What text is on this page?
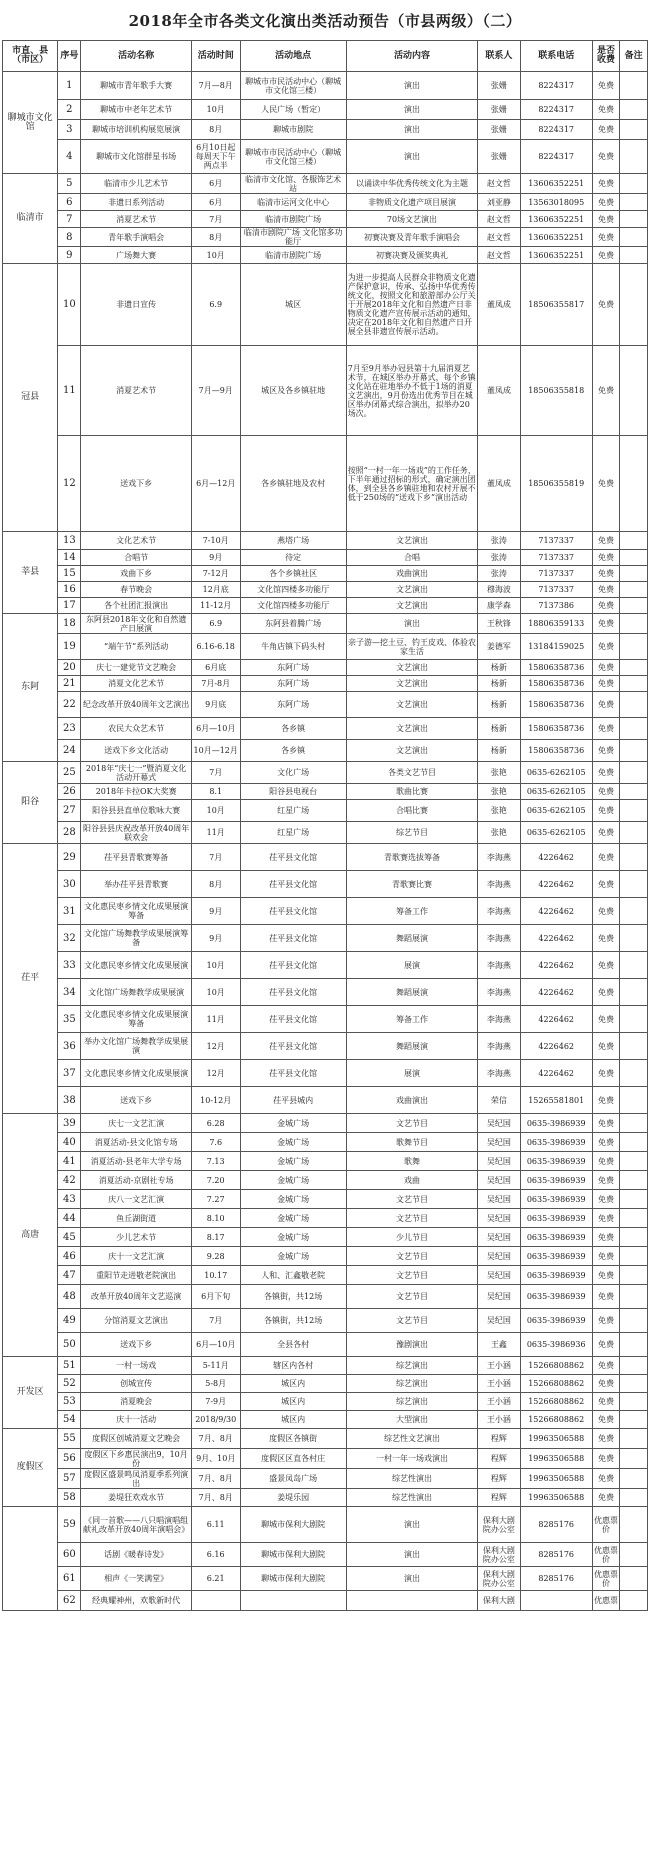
2018年全市各类文化演出类活动预告（市县两级）（二）
市直、县（市区）	序号	活动名称	活动时间	活动地点	活动内容	联系人	联系电话	是否收费	备注
聊城市文化馆	1	聊城市青年歌手大赛	7月—8月	聊城市市民活动中心（聊城市文化馆三楼）	演出	张姗	8224317	免费	
	2	聊城市中老年艺术节	10月	人民广场（暂定）	演出	张姗	8224317	免费	
	3	聊城市培训机构展览展演	8月	聊城市剧院	演出	张姗	8224317	免费	
	4	聊城市文化馆群星书场	6月10日起每周天下午两点半	聊城市市民活动中心（聊城市文化馆三楼）	演出	张姗	8224317	免费	
临清市	5	临清市少儿艺术节	6月	临清市文化馆、各服饰艺术站	以诵读中华优秀传统文化为主题	赵文哲	13606352251	免费	
	6	非遗日系列活动	6月	临清市运河文化中心	非物质文化遗产项目展演	刘亚静	13563018095	免费	
	7	消夏艺术节	7月	临清市剧院广场	70场文艺演出	赵文哲	13606352251	免费	
	8	青年歌手演唱会	8月	临清市剧院广场 文化馆多功能厅	初赛决赛及青年歌手演唱会	赵文哲	13606352251	免费	
	9	广场舞大赛	10月	临清市剧院广场	初赛决赛及颁奖典礼	赵文哲	13606352251	免费	
冠县	10	非遗日宣传	6.9	城区	为进一步提高人民群众非物质文化遗产保护意识，传承、弘扬中华优秀传统文化，按照文化和旅游部办公厅关于开展2018年文化和自然遗产日非物质文化遗产宣传展示活动的通知，决定在2018年文化和自然遗产日开展全县非遗宣传展示活动。	董凤成	18506355817	免费	
	11	消夏艺术节	7月—9月	城区及各乡镇驻地	7月至9月举办冠县第十九届消夏艺术节，在城区举办开幕式，每个乡镇文化站在驻地举办不低于1场的消夏文艺演出，9月份选出优秀节目在城区举办闭幕式综合演出，拟举办20场次。	董凤成	18506355818	免费	
	12	送戏下乡	6月—12月	各乡镇驻地及农村	按照“一村一年一场戏”的工作任务，下半年通过招标的形式，确定演出团体，到全县各乡镇驻地和农村开展不低于250场的“送戏下乡”演出活动	董凤成	18506355819	免费	
莘县	13	文化艺术节	7-10月	燕塔广场	文艺演出	张涛	7137337	免费	
	14	合唱节	9月	待定	合唱	张涛	7137337	免费	
	15	戏曲下乡	7-12月	各个乡镇社区	戏曲演出	张涛	7137337	免费	
	16	春节晚会	12月底	文化馆四楼多功能厅	文艺演出	穆海波	7137337	免费	
	17	各个社团汇报演出	11-12月	文化馆四楼多功能厅	文艺演出	康学森	7137386	免费	
东阿	18	东阿县2018年文化和自然遗产日展演	6.9	东阿县着腾广场	演出	王秋锋	18806359133	免费	
	19	“端午节”系列活动	6.16-6.18	牛角店镇下码头村	亲子游—挖土豆、钓王皮戏、体验农家生活	姜德军	13184159025	免费	
	20	庆七一建党节文艺晚会	6月底	东阿广场	文艺演出	杨新	15806358736	免费	
	21	消夏文化艺术节	7月-8月	东阿广场	文艺演出	杨新	15806358736	免费	
	22	纪念改革开放40周年文艺演出	9月底	东阿广场	文艺演出	杨新	15806358736	免费	
	23	农民大众艺术节	6月—10月	各乡镇	文艺演出	杨新	15806358736	免费	
	24	送戏下乡文化活动	10月—12月	各乡镇	文艺演出	杨新	15806358736	免费	
阳谷	25	2018年“庆七一”暨消夏文化活动开幕式	7月	文化广场	各类文艺节目	张艳	0635-6262105	免费	
	26	2018年卡拉OK大奖赛	8.1	阳谷县电视台	歌曲比赛	张艳	0635-6262105	免费	
	27	阳谷县县直单位歌咏大赛	10月	红星广场	合唱比赛	张艳	0635-6262105	免费	
	28	阳谷县县庆祝改革开放40周年联欢会	11月	红星广场	综艺节目	张艳	0635-6262105	免费	
茌平	29	茌平县青歌赛筹备	7月	茌平县文化馆	青歌赛选拔筹备	李海燕	4226462	免费	
	30	举办茌平县青歌赛	8月	茌平县文化馆	青歌赛比赛	李海燕	4226462	免费	
	31	文化惠民枣乡情文化成果展演筹备	9月	茌平县文化馆	筹备工作	李海燕	4226462	免费	
	32	文化馆广场舞教学成果展演筹备	9月	茌平县文化馆	舞蹈展演	李海燕	4226462	免费	
	33	文化惠民枣乡情文化成果展演	10月	茌平县文化馆	展演	李海燕	4226462	免费	
	34	文化馆广场舞教学成果展演	10月	茌平县文化馆	舞蹈展演	李海燕	4226462	免费	
	35	文化惠民枣乡情文化成果展演筹备	11月	茌平县文化馆	筹备工作	李海燕	4226462	免费	
	36	举办文化馆广场舞教学成果展演	12月	茌平县文化馆	舞蹈展演	李海燕	4226462	免费	
	37	文化惠民枣乡情文化成果展演	12月	茌平县文化馆	展演	李海燕	4226462	免费	
	38	送戏下乡	10-12月	茌平县城内	戏曲演出	荣信	15265581801	免费	
高唐	39	庆七一文艺汇演	6.28	金城广场	文艺节目	吴纪国	0635-3986939	免费	
	40	消夏活动-县文化馆专场	7.6	金城广场	歌舞节目	吴纪国	0635-3986939	免费	
	41	消夏活动-县老年大学专场	7.13	金城广场	歌舞	吴纪国	0635-3986939	免费	
	42	消夏活动-京剧社专场	7.20	金城广场	戏曲	吴纪国	0635-3986939	免费	
	43	庆八一文艺汇演	7.27	金城广场	文艺节目	吴纪国	0635-3986939	免费	
	44	鱼丘湖街道	8.10	金城广场	文艺节目	吴纪国	0635-3986939	免费	
	45	少儿艺术节	8.17	金城广场	少儿节目	吴纪国	0635-3986939	免费	
	46	庆十一文艺汇演	9.28	金城广场	文艺节目	吴纪国	0635-3986939	免费	
	47	重阳节走进敬老院演出	10.17	人和、汇鑫敬老院	文艺节目	吴纪国	0635-3986939	免费	
	48	改革开放40周年文艺巡演	6月下旬	各镇街，共12场	文艺节目	吴纪国	0635-3986939	免费	
	49	分馆消夏文艺演出	7月	各镇街，共12场	文艺节目	吴纪国	0635-3986939	免费	
	50	送戏下乡	6月—10月	全县各村	豫剧演出	王鑫	0635-3986936	免费	
开发区	51	一村一场戏	5-11月	辖区内各村	综艺演出	王小涵	15266808862	免费	
	52	创城宣传	5-8月	城区内	综艺演出	王小涵	15266808862	免费	
	53	消夏晚会	7-9月	城区内	综艺演出	王小涵	15266808862	免费	
	54	庆十一活动	2018/9/30	城区内	大型演出	王小涵	15266808862	免费	
度假区	55	度假区创城消夏文艺晚会	7月、8月	度假区各镇街	综艺性文艺演出	程辉	19963506588	免费	
	56	度假区下乡惠民演出9，10月份	9月、10月	度假区区直各村庄	一村一年一场戏演出	程辉	19963506588	免费	
	57	度假区盛景鸣凤消夏季系列演出	7月、8月	盛景凤岛广场	综艺性演出	程辉	19963506588	免费	
	58	姜堤狂欢戏水节	7月、8月	姜堤乐园	综艺性演出	程辉	19963506588	免费	
	59	《同一首歌——八只唱演唱组献礼改革开放40周年演唱会》	6.11	聊城市保利大剧院	演出	保利大剧院办公室	8285176	优惠票价	
	60	话剧《暖春诗发》	6.16	聊城市保利大剧院	演出	保利大剧院办公室	8285176	优惠票价	
	61	相声《一笑满堂》	6.21	聊城市保利大剧院	演出	保利大剧院办公室	8285176	优惠票价	
	62	经典耀神州，欢歌新时代				保利大剧		优惠票	
